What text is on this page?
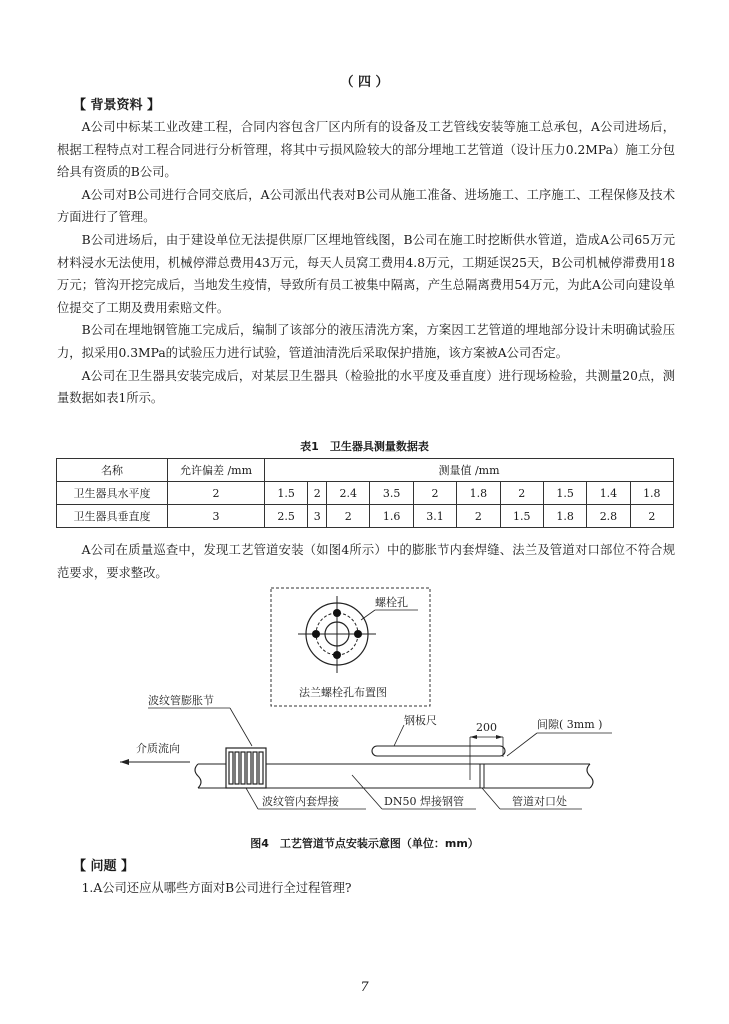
（ 四 ）
【 背景资料 】

A公司中标某工业改建工程，合同内容包含厂区内所有的设备及工艺管线安装等施工总承包，A公司进场后，根据工程特点对工程合同进行分析管理，将其中亏损风险较大的部分埋地工艺管道（设计压力0.2MPa）施工分包给具有资质的B公司。

A公司对B公司进行合同交底后，A公司派出代表对B公司从施工准备、进场施工、工序施工、工程保修及技术方面进行了管理。

B公司进场后，由于建设单位无法提供原厂区埋地管线图，B公司在施工时挖断供水管道，造成A公司65万元材料浸水无法使用，机械停滞总费用43万元，每天人员窝工费用4.8万元，工期延误25天，B公司机械停滞费用18万元；管沟开挖完成后，当地发生疫情，导致所有员工被集中隔离，产生总隔离费用54万元，为此A公司向建设单位提交了工期及费用索赔文件。

B公司在埋地钢管施工完成后，编制了该部分的液压清洗方案，方案因工艺管道的埋地部分设计未明确试验压力，拟采用0.3MPa的试验压力进行试验，管道油清洗后采取保护措施，该方案被A公司否定。

A公司在卫生器具安装完成后，对某层卫生器具（检验批的水平度及垂直度）进行现场检验，共测量20点，测量数据如表1所示。

表1　卫生器具测量数据表
名称	允许偏差 /mm	测量值 /mm									
卫生器具水平度	2	1.5	2	2.4	3.5	2	1.8	2	1.5	1.4	1.8
卫生器具垂直度	3	2.5	3	2	1.6	3.1	2	1.5	1.8	2.8	2

A公司在质量巡查中，发现工艺管道安装（如图4所示）中的膨胀节内套焊缝、法兰及管道对口部位不符合规范要求，要求整改。

螺栓孔
法兰螺栓孔布置图
波纹管膨胀节
介质流向
钢板尺
200	间隙( 3mm )
波纹管内套焊接	DN50 焊接钢管	管道对口处
图4　工艺管道节点安装示意图（单位：mm）
【 问题 】

1.A公司还应从哪些方面对B公司进行全过程管理?

7
